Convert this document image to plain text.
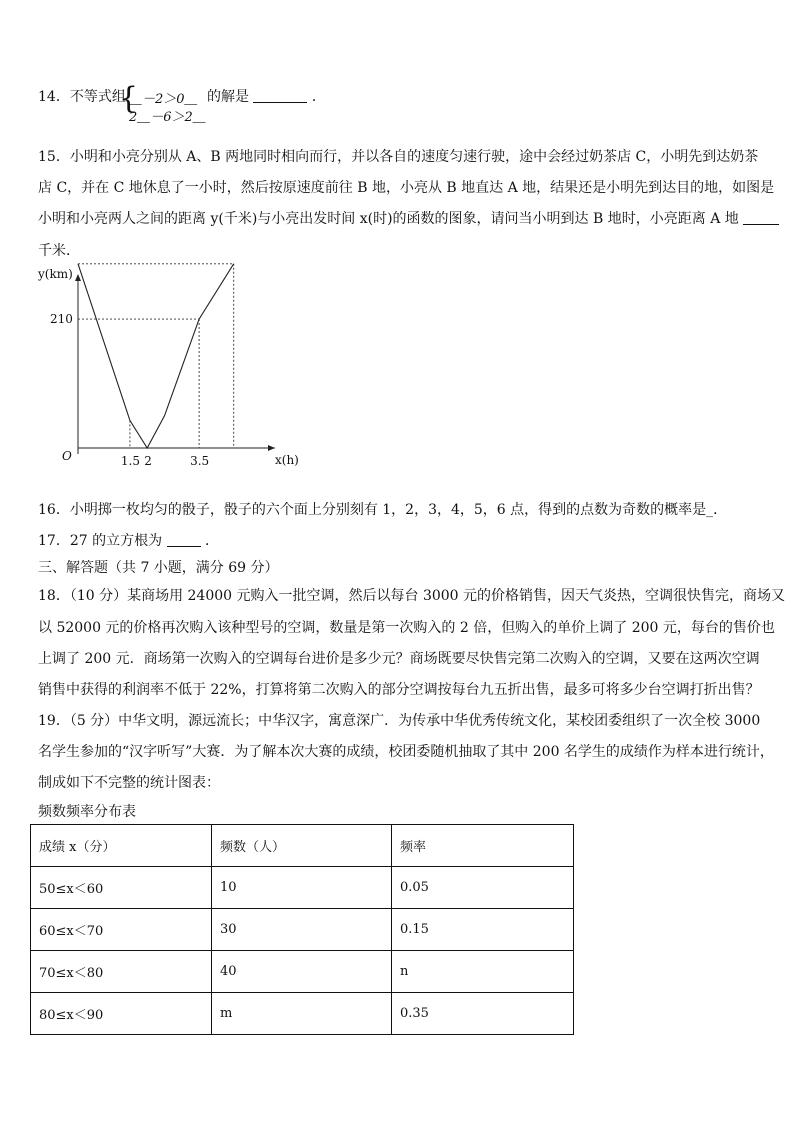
14．不等式组
{
＿－2＞0＿
2＿－6＞2＿
的解是	．
15．小明和小亮分别从 A、B 两地同时相向而行，并以各自的速度匀速行驶，途中会经过奶茶店 C，小明先到达奶茶
店 C，并在 C 地休息了一小时，然后按原速度前往 B 地，小亮从 B 地直达 A 地，结果还是小明先到达目的地，如图是
小明和小亮两人之间的距离 y(千米)与小亮出发时间 x(时)的函数的图象，请问当小明到达 B 地时，小亮距离 A 地
千米．
y(km)
x(h)
O
210
1.5 2	3.5
16．小明掷一枚均匀的骰子，骰子的六个面上分别刻有 1，2，3，4，5，6 点，得到的点数为奇数的概率是_．
17．27 的立方根为	．
三、解答题（共 7 小题，满分 69 分）
18．（10 分）某商场用 24000 元购入一批空调，然后以每台 3000 元的价格销售，因天气炎热，空调很快售完，商场又
以 52000 元的价格再次购入该种型号的空调，数量是第一次购入的 2 倍，但购入的单价上调了 200 元，每台的售价也
上调了 200 元．商场第一次购入的空调每台进价是多少元？商场既要尽快售完第二次购入的空调，又要在这两次空调
销售中获得的利润率不低于 22%，打算将第二次购入的部分空调按每台九五折出售，最多可将多少台空调打折出售？
19．（5 分）中华文明，源远流长；中华汉字，寓意深广．为传承中华优秀传统文化，某校团委组织了一次全校 3000
名学生参加的“汉字听写”大赛．为了解本次大赛的成绩，校团委随机抽取了其中 200 名学生的成绩作为样本进行统计，
制成如下不完整的统计图表：
频数频率分布表
成绩 x（分）	频数（人）	频率
50≤x＜60	10	0.05
60≤x＜70	30	0.15
70≤x＜80	40	n
80≤x＜90	m	0.35
